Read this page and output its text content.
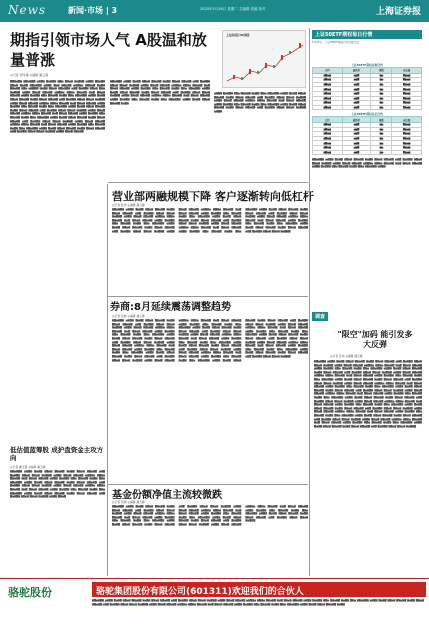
News	新闻·市场 | 3	2020年5月26日 星期二 主编辑 美编 校对	上海证券报
期指引领市场人气 A股温和放量普涨
◎记者 胡华雄 ◎编辑 潘玉蓉
上证综指日K线图
██▆▅▇▆ ▆▇▅▆█▇ ▅▆▇▆ ▇▅▆▇▆ ▆▇▅ ▇▆▅▆ ▆▅▇▆▇ ▅▆▇▆ ▇▆▅▇▆ ▆▇▅▆ ▇▅▆▇ ▆▇▅▆▇▆ ▅▆▇▆ ▇▅▆ ▆▇▅▆▇ ▅▆▇▆▅ ▆▇▆▅▇ ▆▅▇▆ ▇▆▅▆▇ ▆▇▅ ▅▆▇▆▇ ▆▅▇▆ ▇▆▅▆ ▆▇▅▆▇▆ ▅▆▇ ▇▅▆▇▆ ▆▇▅▆ ▇▆▅ ▆▅▇▆▇ ▅▆▇▆ ▇▆▅▇ ▆▇▅▆▇ ▅▆▇▆▅ ▆▇▆▅ ▇▆▅▆▇ ▆▅▇ ▇▆▅▆ ▆▇▅▆▇ ▅▆▇▆ ▇▅▆▇▆ ▆▇▅ ▇▆▅▆▇ ▆▅▇▆ ▇▆▅ ▆▇▅▆▇▆ ▅▆▇▆ ▇▅▆▇ ▆▇▅▆ ▇▆▅▆▇ ▆▅▇▆ ▇▆▅▆ ▆▇▅▆▇ ▅▆▇ ▇▅▆▇▆ ▆▇▅▆ ▇▆▅▆ ▆▅▇▆▇ ▅▆▇▆ ▇▆▅▇ ▆▇▅▆▇ ▅▆▇▆▅ ▆▇▆▅ ▇▆▅▆▇ ▆▅▇ ▇▆▅▆ ▆▇▅▆▇ ▅▆▇▆ ▇▅▆▇▆ ▆▇▅ ▇▆▅▆▇ ▆▅▇▆ ▇▆▅ ▆▇▅▆▇▆ ▅▆▇▆ ▇▅▆▇ ▆▇▅▆ ▇▆▅▆▇ ▆▅▇▆ ▇▆▅▆ ▆▇▅▆▇ ▅▆▇ ▇▅▆▇▆ ▆▇▅▆ ▇▆▅▆ ▆▅▇▆▇ ▅▆▇▆ ▇▆▅▇ ▆▇▅▆▇ ▅▆▇▆▅ ▆▇▆▅ ▇▆▅▆▇ ▆▅▇ ▇▆▅▆ ▆▇▅▆▇ ▅▆▇▆ ▇▅▆▇▆ ▆▇▅ ▇▆▅▆▇ ▆▅▇▆ ▇▆▅ ▆▇▅▆▇▆ ▅▆▇▆ ▇▅▆▇ ▆▇▅▆ ▇▆▅▆▇ ▆▅▇▆ ▇▆▅▆ ▆▇▅▆▇ ▅▆▇ ▇▅▆▇▆ ▆▇▅▆ ▇▆▅▆ ▆▅▇▆▇ ▅▆▇▆ ▇▆▅▇ ▆▇▅▆▇ ▅▆▇▆▅ ▆▇▆▅ ▇▆▅▆▇ ▆▅▇ ▇▆▅▆ ▆▇▅▆▇ ▅▆▇▆ ▇▅▆▇▆ ▆▇▅ ▇▆▅▆▇ ▆▅▇▆ ▇▆▅ ▆▇▅▆▇▆ ▅▆▇▆ ▇▅▆▇ ▆▇▅▆ ▇▆▅▆▇ ▆▅▇▆ ▇▆▅▆ ▆▇▅▆▇ ▅▆▇ ▇▅▆▇▆ ▆▇▅▆ ▇▆▅▆ ▆▅▇▆▇ ▅▆▇▆ ▇▆▅▇ ▆▇▅▆▇
▆▇▅▆▇▆ ▅▆▇▆ ▇▅▆▇ ▆▇▅▆ ▇▆▅▆▇ ▆▅▇▆ ▇▆▅▆ ▆▇▅▆▇ ▅▆▇ ▇▅▆▇▆ ▆▇▅▆ ▇▆▅▆ ▆▅▇▆▇ ▅▆▇▆ ▇▆▅▇ ▆▇▅▆▇ ▅▆▇▆▅ ▆▇▆▅ ▇▆▅▆▇ ▆▅▇ ▇▆▅▆ ▆▇▅▆▇ ▅▆▇▆ ▇▅▆▇▆ ▆▇▅ ▇▆▅▆▇ ▆▅▇▆ ▇▆▅ ▆▇▅▆▇▆ ▅▆▇▆ ▇▅▆▇ ▆▇▅▆ ▇▆▅▆▇ ▆▅▇▆ ▇▆▅▆ ▆▇▅▆▇ ▅▆▇ ▇▅▆▇▆ ▆▇▅▆ ▇▆▅▆ ▆▅▇▆▇ ▅▆▇▆ ▇▆▅▇ ▆▇▅▆▇ ▅▆▇▆▅ ▆▇▆▅ ▇▆▅▆▇ ▆▅▇ ▇▆▅▆ ▆▇▅▆▇ ▅▆▇▆ ▇▅▆▇▆ ▆▇▅ ▇▆▅▆▇ ▆▅▇▆ ▇▆▅ ▆▇▅▆▇▆ ▅▆▇▆ ▇▅▆▇ ▆▇▅▆ ▇▆▅▆▇ ▆▅▇▆
▅▆▇▆ ▇▅▆▇▆ ▆▇▅ ▇▆▅▆▇ ▆▅▇▆ ▇▆▅ ▆▇▅▆▇▆ ▅▆▇▆ ▇▅▆▇ ▆▇▅▆ ▇▆▅▆▇ ▆▅▇▆ ▇▆▅▆ ▆▇▅▆▇ ▅▆▇ ▇▅▆▇▆ ▆▇▅▆ ▇▆▅▆ ▆▅▇▆▇ ▅▆▇▆ ▇▆▅▇ ▆▇▅▆▇ ▅▆▇▆▅ ▆▇▆▅ ▇▆▅▆▇ ▆▅▇ ▇▆▅▆ ▆▇▅▆▇ ▅▆▇▆ ▇▅▆▇▆ ▆▇▅ ▇▆▅▆▇ ▆▅▇▆ ▇▆▅ ▆▇▅▆▇▆ ▅▆▇▆ ▇▅▆▇ ▆▇▅▆ ▇▆▅▆▇ ▆▅▇▆ ▇▆▅▆ ▆▇▅▆▇ ▅▆▇ ▇▅▆▇▆ ▆▇▅▆ ▇▆▅▆ ▆▅▇▆▇ ▅▆▇▆
上证50ETF期权每日行情
5月25日，上证50ETF期权合约总成交量...
上证50ETF期权认购合约
合约	最新价	涨跌	成交量
▆▇▅▆	▅▆▇	▆▅	▇▆▅▆
▆▇▅▆	▅▆▇	▆▅	▇▆▅▆
▆▇▅▆	▅▆▇	▆▅	▇▆▅▆
▆▇▅▆	▅▆▇	▆▅	▇▆▅▆
▆▇▅▆	▅▆▇	▆▅	▇▆▅▆
▆▇▅▆	▅▆▇	▆▅	▇▆▅▆
▆▇▅▆	▅▆▇	▆▅	▇▆▅▆
▆▇▅▆	▅▆▇	▆▅	▇▆▅▆
上证50ETF期权认沽合约
合约	最新价	涨跌	成交量
▆▇▅▆	▅▆▇	▆▅	▇▆▅▆
▆▇▅▆	▅▆▇	▆▅	▇▆▅▆
▆▇▅▆	▅▆▇	▆▅	▇▆▅▆
▆▇▅▆	▅▆▇	▆▅	▇▆▅▆
▆▇▅▆	▅▆▇	▆▅	▇▆▅▆
▆▇▅▆	▅▆▇	▆▅	▇▆▅▆
▆▇▅▆	▅▆▇	▆▅	▇▆▅▆
▆▇▅▆▇▆ ▅▆▇▆ ▇▅▆▇ ▆▇▅▆ ▇▆▅▆▇ ▆▅▇▆ ▇▆▅▆ ▆▇▅▆▇ ▅▆▇ ▇▅▆▇▆ ▆▇▅▆ ▇▆▅▆ ▆▅▇▆▇ ▅▆▇▆ ▇▆▅▇ ▆▇▅▆▇ ▅▆▇▆▅ ▆▇▆▅ ▇▆▅▆▇ ▆▅▇ ▇▆▅▆ ▆▇▅▆▇ ▅▆▇▆ ▇▅▆▇▆ ▆▇▅ ▇▆▅▆▇ ▆▅▇▆ ▇▆▅ ▆▇▅▆▇▆ ▅▆▇▆
营业部两融规模下降 客户逐渐转向低杠杆
◎记者 张欢 ◎编辑 潘玉蓉
▆▇▅▆▇▆ ▅▆▇▆ ▇▅▆▇ ▆▇▅▆ ▇▆▅▆▇ ▆▅▇▆ ▇▆▅▆ ▆▇▅▆▇ ▅▆▇ ▇▅▆▇▆ ▆▇▅▆ ▇▆▅▆ ▆▅▇▆▇ ▅▆▇▆ ▇▆▅▇ ▆▇▅▆▇ ▅▆▇▆▅ ▆▇▆▅ ▇▆▅▆▇ ▆▅▇ ▇▆▅▆ ▆▇▅▆▇ ▅▆▇▆ ▇▅▆▇▆ ▆▇▅ ▇▆▅▆▇ ▆▅▇▆ ▇▆▅ ▆▇▅▆▇▆ ▅▆▇▆ ▇▅▆▇ ▆▇▅▆ ▇▆▅▆▇ ▆▅▇▆ ▇▆▅▆ ▆▇▅▆▇ ▅▆▇ ▇▅▆▇▆ ▆▇▅▆ ▇▆▅▆ ▆▅▇▆▇ ▅▆▇▆ ▇▆▅▇ ▆▇▅▆▇ ▅▆▇▆▅ ▆▇▆▅ ▇▆▅▆▇ ▆▅▇ ▇▆▅▆ ▆▇▅▆▇ ▅▆▇▆ ▇▅▆▇▆ ▆▇▅ ▇▆▅▆▇ ▆▅▇▆ ▇▆▅ ▆▇▅▆▇▆ ▅▆▇▆ ▇▅▆▇ ▆▇▅▆ ▇▆▅▆▇ ▆▅▇▆ ▇▆▅▆ ▆▇▅▆▇ ▅▆▇ ▇▅▆▇▆ ▆▇▅▆ ▇▆▅▆ ▆▅▇▆▇ ▅▆▇▆ ▇▆▅▇ ▆▇▅▆▇ ▅▆▇▆▅ ▆▇▆▅ ▇▆▅▆▇ ▆▅▇ ▇▆▅▆ ▆▇▅▆▇ ▅▆▇▆ ▇▅▆▇▆ ▆▇▅ ▇▆▅▆▇ ▆▅▇▆ ▇▆▅ ▆▇▅▆▇▆ ▅▆▇▆ ▇▅▆▇ ▆▇▅▆ ▇▆▅▆▇ ▆▅▇▆ ▇▆▅▆ ▆▇▅▆▇ ▅▆▇ ▇▅▆▇▆ ▆▇▅▆ ▇▆▅▆ ▆▅▇▆▇ ▅▆▇▆ ▇▆▅▇ ▆▇▅▆▇ ▅▆▇▆▅ ▆▇▆▅ ▇▆▅▆▇ ▆▅▇ ▇▆▅▆ ▆▇▅▆▇ ▅▆▇▆ ▇▅▆▇▆ ▆▇▅ ▇▆▅▆▇ ▆▅▇▆ ▇▆▅ ▆▇▅▆▇▆ ▅▆▇▆ ▇▅▆▇ ▆▇▅▆ ▇▆▅▆▇ ▆▅▇▆ ▇▆▅▆ ▆▇▅▆▇ ▅▆▇ ▇▅▆▇▆ ▆▇▅▆ ▇▆▅▆ ▆▅▇▆▇
券商:8月延续震荡调整趋势
◎记者 吴晓 ◎编辑 潘玉蓉
▆▇▅▆▇▆ ▅▆▇▆ ▇▅▆▇ ▆▇▅▆ ▇▆▅▆▇ ▆▅▇▆ ▇▆▅▆ ▆▇▅▆▇ ▅▆▇ ▇▅▆▇▆ ▆▇▅▆ ▇▆▅▆ ▆▅▇▆▇ ▅▆▇▆ ▇▆▅▇ ▆▇▅▆▇ ▅▆▇▆▅ ▆▇▆▅ ▇▆▅▆▇ ▆▅▇ ▇▆▅▆ ▆▇▅▆▇ ▅▆▇▆ ▇▅▆▇▆ ▆▇▅ ▇▆▅▆▇ ▆▅▇▆ ▇▆▅ ▆▇▅▆▇▆ ▅▆▇▆ ▇▅▆▇ ▆▇▅▆ ▇▆▅▆▇ ▆▅▇▆ ▇▆▅▆ ▆▇▅▆▇ ▅▆▇ ▇▅▆▇▆ ▆▇▅▆ ▇▆▅▆ ▆▅▇▆▇ ▅▆▇▆ ▇▆▅▇ ▆▇▅▆▇ ▅▆▇▆▅ ▆▇▆▅ ▇▆▅▆▇ ▆▅▇ ▇▆▅▆ ▆▇▅▆▇ ▅▆▇▆ ▇▅▆▇▆ ▆▇▅ ▇▆▅▆▇ ▆▅▇▆ ▇▆▅ ▆▇▅▆▇▆ ▅▆▇▆ ▇▅▆▇ ▆▇▅▆ ▇▆▅▆▇ ▆▅▇▆ ▇▆▅▆ ▆▇▅▆▇ ▅▆▇ ▇▅▆▇▆ ▆▇▅▆ ▇▆▅▆ ▆▅▇▆▇ ▅▆▇▆ ▇▆▅▇ ▆▇▅▆▇ ▅▆▇▆▅ ▆▇▆▅ ▇▆▅▆▇ ▆▅▇ ▇▆▅▆ ▆▇▅▆▇ ▅▆▇▆ ▇▅▆▇▆ ▆▇▅ ▇▆▅▆▇ ▆▅▇▆ ▇▆▅ ▆▇▅▆▇▆ ▅▆▇▆ ▇▅▆▇ ▆▇▅▆ ▇▆▅▆▇ ▆▅▇▆ ▇▆▅▆ ▆▇▅▆▇ ▅▆▇ ▇▅▆▇▆ ▆▇▅▆ ▇▆▅▆ ▆▅▇▆▇ ▅▆▇▆ ▇▆▅▇ ▆▇▅▆▇ ▅▆▇▆▅ ▆▇▆▅ ▇▆▅▆▇ ▆▅▇ ▇▆▅▆ ▆▇▅▆▇ ▅▆▇▆ ▇▅▆▇▆ ▆▇▅ ▇▆▅▆▇ ▆▅▇▆ ▇▆▅ ▆▇▅▆▇▆ ▅▆▇▆ ▇▅▆▇ ▆▇▅▆ ▇▆▅▆▇ ▆▅▇▆ ▇▆▅▆ ▆▇▅▆▇ ▅▆▇ ▇▅▆▇▆ ▆▇▅▆ ▇▆▅▆ ▆▅▇▆▇ ▅▆▇▆ ▇▆▅▇ ▆▇▅▆▇ ▅▆▇▆▅ ▆▇▆▅ ▇▆▅▆▇ ▆▅▇ ▇▆▅▆ ▆▇▅▆▇ ▅▆▇▆ ▇▅▆▇▆ ▆▇▅ ▇▆▅▆▇ ▆▅▇▆ ▇▆▅ ▆▇▅▆▇▆ ▅▆▇▆ ▇▅▆▇ ▆▇▅▆ ▇▆▅▆▇ ▆▅▇▆ ▇▆▅▆ ▆▇▅▆▇ ▅▆▇ ▇▅▆▇▆ ▆▇▅▆ ▇▆▅▆ ▆▅▇▆▇ ▅▆▇▆ ▇▆▅▇ ▆▇▅▆▇ ▅▆▇▆▅ ▆▇▆▅ ▇▆▅▆▇ ▆▅▇ ▇▆▅▆ ▆▇▅▆▇ ▅▆▇▆ ▇▅▆▇▆ ▆▇▅ ▇▆▅▆▇ ▆▅▇▆ ▇▆▅ ▆▇▅▆▇▆ ▅▆▇▆ ▇▅▆▇ ▆▇▅▆ ▇▆▅▆▇ ▆▅▇▆ ▇▆▅▆ ▆▇▅▆▇ ▅▆▇ ▇▅▆▇▆ ▆▇▅▆ ▇▆▅▆ ▆▅▇▆▇ ▅▆▇▆ ▇▆▅▇ ▆▇▅▆▇ ▅▆▇▆▅ ▆▇▆▅ ▇▆▅▆▇ ▆▅▇ ▇▆▅▆ ▆▇▅▆▇ ▅▆▇▆ ▇▅▆▇▆ ▆▇▅ ▇▆▅▆▇ ▆▅▇▆ ▇▆▅ ▆▇▅▆▇▆ ▅▆▇▆ ▇▅▆▇ ▆▇▅▆ ▇▆▅▆▇ ▆▅▇▆ ▇▆▅▆ ▆▇▅▆▇ ▅▆▇ ▇▅▆▇▆ ▆▇▅▆ ▇▆▅▆ ▆▅▇▆▇
低估值蓝筹股 成护盘资金主攻方向
◎记者 潘玉蓉 ◎编辑 潘玉蓉
▆▇▅▆▇▆ ▅▆▇▆ ▇▅▆▇ ▆▇▅▆ ▇▆▅▆▇ ▆▅▇▆ ▇▆▅▆ ▆▇▅▆▇ ▅▆▇ ▇▅▆▇▆ ▆▇▅▆ ▇▆▅▆ ▆▅▇▆▇ ▅▆▇▆ ▇▆▅▇ ▆▇▅▆▇ ▅▆▇▆▅ ▆▇▆▅ ▇▆▅▆▇ ▆▅▇ ▇▆▅▆ ▆▇▅▆▇ ▅▆▇▆ ▇▅▆▇▆ ▆▇▅ ▇▆▅▆▇ ▆▅▇▆ ▇▆▅ ▆▇▅▆▇▆ ▅▆▇▆ ▇▅▆▇ ▆▇▅▆ ▇▆▅▆▇ ▆▅▇▆ ▇▆▅▆ ▆▇▅▆▇ ▅▆▇ ▇▅▆▇▆ ▆▇▅▆ ▇▆▅▆ ▆▅▇▆▇ ▅▆▇▆ ▇▆▅▇ ▆▇▅▆▇ ▅▆▇▆▅ ▆▇▆▅ ▇▆▅▆▇ ▆▅▇ ▇▆▅▆ ▆▇▅▆▇ ▅▆▇▆ ▇▅▆▇▆ ▆▇▅ ▇▆▅▆▇ ▆▅▇▆ ▇▆▅ ▆▇▅▆▇▆ ▅▆▇▆ ▇▅▆▇ ▆▇▅▆ ▇▆▅▆▇ ▆▅▇▆ ▇▆▅▆ ▆▇▅▆▇ ▅▆▇ ▇▅▆▇▆ ▆▇▅▆ ▇▆▅▆ ▆▅▇▆▇ ▅▆▇▆ ▇▆▅▇	基金份额净值主流较微跌
◎记者 吴晓 ◎编辑 潘玉蓉
▆▇▅▆▇▆ ▅▆▇▆ ▇▅▆▇ ▆▇▅▆ ▇▆▅▆▇ ▆▅▇▆ ▇▆▅▆ ▆▇▅▆▇ ▅▆▇ ▇▅▆▇▆ ▆▇▅▆ ▇▆▅▆ ▆▅▇▆▇ ▅▆▇▆ ▇▆▅▇ ▆▇▅▆▇ ▅▆▇▆▅ ▆▇▆▅ ▇▆▅▆▇ ▆▅▇ ▇▆▅▆ ▆▇▅▆▇ ▅▆▇▆ ▇▅▆▇▆ ▆▇▅ ▇▆▅▆▇ ▆▅▇▆ ▇▆▅ ▆▇▅▆▇▆ ▅▆▇▆ ▇▅▆▇ ▆▇▅▆ ▇▆▅▆▇ ▆▅▇▆ ▇▆▅▆ ▆▇▅▆▇ ▅▆▇ ▇▅▆▇▆ ▆▇▅▆ ▇▆▅▆ ▆▅▇▆▇ ▅▆▇▆ ▇▆▅▇ ▆▇▅▆▇ ▅▆▇▆▅ ▆▇▆▅ ▇▆▅▆▇ ▆▅▇ ▇▆▅▆ ▆▇▅▆▇ ▅▆▇▆ ▇▅▆▇▆ ▆▇▅ ▇▆▅▆▇ ▆▅▇▆ ▇▆▅ ▆▇▅▆▇▆ ▅▆▇▆ ▇▅▆▇ ▆▇▅▆ ▇▆▅▆▇ ▆▅▇▆ ▇▆▅▆ ▆▇▅▆▇ ▅▆▇ ▇▅▆▇▆ ▆▇▅▆ ▇▆▅▆ ▆▅▇▆▇ ▅▆▇▆ ▇▆▅▇ ▆▇▅▆▇ ▅▆▇▆▅ ▆▇▆▅ ▇▆▅▆▇ ▆▅▇ ▇▆▅▆ ▆▇▅▆▇ ▅▆▇▆ ▇▅▆▇▆ ▆▇▅ ▇▆▅▆▇ ▆▅▇▆ ▇▆▅ ▆▇▅▆▇▆ ▅▆▇▆ ▇▅▆▇ ▆▇▅▆ ▇▆▅▆▇ ▆▅▇▆ ▇▆▅▆ ▆▇▅▆▇ ▅▆▇ ▇▅▆▇▆ ▆▇▅▆ ▇▆▅▆ ▆▅▇▆▇
调查
"限空"加码 能引发多大反弹
◎记者 张欢 ◎编辑 潘玉蓉
▆▇▅▆▇▆ ▅▆▇▆ ▇▅▆▇ ▆▇▅▆ ▇▆▅▆▇ ▆▅▇▆ ▇▆▅▆ ▆▇▅▆▇ ▅▆▇ ▇▅▆▇▆ ▆▇▅▆ ▇▆▅▆ ▆▅▇▆▇ ▅▆▇▆ ▇▆▅▇ ▆▇▅▆▇ ▅▆▇▆▅ ▆▇▆▅ ▇▆▅▆▇ ▆▅▇ ▇▆▅▆ ▆▇▅▆▇ ▅▆▇▆ ▇▅▆▇▆ ▆▇▅ ▇▆▅▆▇ ▆▅▇▆ ▇▆▅ ▆▇▅▆▇▆ ▅▆▇▆ ▇▅▆▇ ▆▇▅▆ ▇▆▅▆▇ ▆▅▇▆ ▇▆▅▆ ▆▇▅▆▇ ▅▆▇ ▇▅▆▇▆ ▆▇▅▆ ▇▆▅▆ ▆▅▇▆▇ ▅▆▇▆ ▇▆▅▇ ▆▇▅▆▇ ▅▆▇▆▅ ▆▇▆▅ ▇▆▅▆▇ ▆▅▇ ▇▆▅▆ ▆▇▅▆▇ ▅▆▇▆ ▇▅▆▇▆ ▆▇▅ ▇▆▅▆▇ ▆▅▇▆ ▇▆▅ ▆▇▅▆▇▆ ▅▆▇▆ ▇▅▆▇ ▆▇▅▆ ▇▆▅▆▇ ▆▅▇▆ ▇▆▅▆ ▆▇▅▆▇ ▅▆▇ ▇▅▆▇▆ ▆▇▅▆ ▇▆▅▆ ▆▅▇▆▇ ▅▆▇▆ ▇▆▅▇ ▆▇▅▆▇ ▅▆▇▆▅ ▆▇▆▅ ▇▆▅▆▇ ▆▅▇ ▇▆▅▆ ▆▇▅▆▇ ▅▆▇▆ ▇▅▆▇▆ ▆▇▅ ▇▆▅▆▇ ▆▅▇▆ ▇▆▅ ▆▇▅▆▇▆ ▅▆▇▆ ▇▅▆▇ ▆▇▅▆ ▇▆▅▆▇ ▆▅▇▆ ▇▆▅▆ ▆▇▅▆▇ ▅▆▇ ▇▅▆▇▆ ▆▇▅▆ ▇▆▅▆ ▆▅▇▆▇ ▅▆▇▆ ▇▆▅▇ ▆▇▅▆▇ ▅▆▇▆▅ ▆▇▆▅ ▇▆▅▆▇ ▆▅▇ ▇▆▅▆ ▆▇▅▆▇ ▅▆▇▆ ▇▅▆▇▆ ▆▇▅ ▇▆▅▆▇ ▆▅▇▆ ▇▆▅ ▆▇▅▆▇▆ ▅▆▇▆ ▇▅▆▇ ▆▇▅▆ ▇▆▅▆▇ ▆▅▇▆ ▇▆▅▆ ▆▇▅▆▇ ▅▆▇ ▇▅▆▇▆ ▆▇▅▆ ▇▆▅▆ ▆▅▇▆▇ ▅▆▇▆ ▇▆▅▇ ▆▇▅▆▇ ▅▆▇▆▅ ▆▇▆▅ ▇▆▅▆▇ ▆▅▇ ▇▆▅▆ ▆▇▅▆▇ ▅▆▇▆ ▇▅▆▇▆ ▆▇▅ ▇▆▅▆▇ ▆▅▇▆ ▇▆▅ ▆▇▅▆▇▆ ▅▆▇▆ ▇▅▆▇ ▆▇▅▆ ▇▆▅▆▇ ▆▅▇▆ ▇▆▅▆ ▆▇▅▆▇ ▅▆▇ ▇▅▆▇▆ ▆▇▅▆ ▇▆▅▆ ▆▅▇▆▇ ▅▆▇▆ ▇▆▅▇ ▆▇▅▆▇ ▅▆▇▆▅ ▆▇▆▅ ▇▆▅▆▇ ▆▅▇ ▇▆▅▆ ▆▇▅▆▇ ▅▆▇▆ ▇▅▆▇▆ ▆▇▅ ▇▆▅▆▇ ▆▅▇▆ ▇▆▅ ▆▇▅▆▇▆ ▅▆▇▆ ▇▅▆▇ ▆▇▅▆ ▇▆▅▆▇ ▆▅▇▆ ▇▆▅▆ ▆▇▅▆▇ ▅▆▇ ▇▅▆▇▆ ▆▇▅▆ ▇▆▅▆ ▆▅▇▆▇ ▅▆▇▆ ▇▆▅▇ ▆▇▅▆▇ ▅▆▇▆▅ ▆▇▆▅ ▇▆▅▆▇ ▆▅▇ ▇▆▅▆ ▆▇▅▆▇ ▅▆▇▆ ▇▅▆▇▆ ▆▇▅ ▇▆▅▆▇ ▆▅▇▆ ▇▆▅ ▆▇▅▆▇▆ ▅▆▇▆ ▇▅▆▇ ▆▇▅▆ ▇▆▅▆▇ ▆▅▇▆ ▇▆▅▆ ▆▇▅▆▇ ▅▆▇ ▇▅▆▇▆ ▆▇▅▆ ▇▆▅▆ ▆▅▇▆▇
骆驼股份	骆驼集团股份有限公司(601311)欢迎我们的合伙人
▆▇▅▆▇▆ ▅▆▇▆ ▇▅▆▇ ▆▇▅▆ ▇▆▅▆▇ ▆▅▇▆ ▇▆▅▆ ▆▇▅▆▇ ▅▆▇ ▇▅▆▇▆ ▆▇▅▆ ▇▆▅▆ ▆▅▇▆▇ ▅▆▇▆ ▇▆▅▇ ▆▇▅▆▇ ▅▆▇▆▅ ▆▇▆▅ ▇▆▅▆▇ ▆▅▇ ▇▆▅▆ ▆▇▅▆▇ ▅▆▇▆ ▇▅▆▇▆ ▆▇▅ ▇▆▅▆▇ ▆▅▇▆ ▇▆▅ ▆▇▅▆▇▆ ▅▆▇▆ ▇▅▆▇ ▆▇▅▆ ▇▆▅▆▇ ▆▅▇▆ ▇▆▅▆ ▆▇▅▆▇ ▅▆▇ ▇▅▆▇▆ ▆▇▅▆ ▇▆▅▆ ▆▅▇▆▇ ▅▆▇▆ ▇▆▅▇ ▆▇▅▆▇ ▅▆▇▆▅ ▆▇▆▅ ▇▆▅▆▇ ▆▅▇ ▇▆▅▆ ▆▇▅▆▇ ▅▆▇▆ ▇▅▆▇▆ ▆▇▅ ▇▆▅▆▇ ▆▅▇▆ ▇▆▅ ▆▇▅▆▇▆ ▅▆▇▆ ▇▅▆▇ ▆▇▅▆ ▇▆▅▆▇ ▆▅▇▆
